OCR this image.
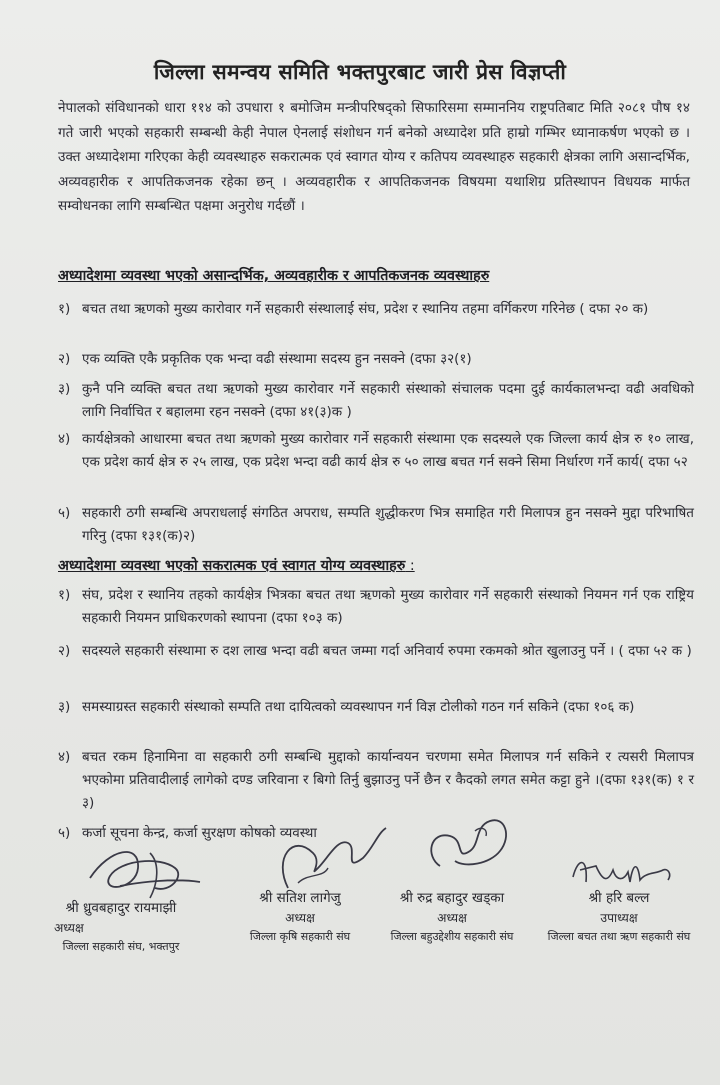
जिल्ला समन्वय समिति भक्तपुरबाट जारी प्रेस विज्ञप्ती
नेपालको संविधानको धारा ११४ को उपधारा १ बमोजिम मन्त्रीपरिषद्को सिफारिसमा सम्माननिय राष्ट्रपतिबाट मिति २०८१ पौष १४ गते जारी भएको सहकारी सम्बन्धी केही नेपाल ऐनलाई संशोधन गर्न बनेको अध्यादेश प्रति हाम्रो गम्भिर ध्यानाकर्षण भएको छ । उक्त अध्यादेशमा गरिएका केही व्यवस्थाहरु सकरात्मक एवं स्वागत योग्य र कतिपय व्यवस्थाहरु सहकारी क्षेत्रका लागि असान्दर्भिक, अव्यवहारीक र आपतिकजनक रहेका छन् । अव्यवहारीक र आपतिकजनक विषयमा यथाशिग्र प्रतिस्थापन विधयक मार्फत सम्वोधनका लागि सम्बन्धित पक्षमा अनुरोध गर्दछौं ।
अध्यादेशमा व्यवस्था भएको असान्दर्भिक, अव्यवहारीक र आपतिकजनक व्यवस्थाहरु
१) बचत तथा ऋणको मुख्य कारोवार गर्ने सहकारी संस्थालाई संघ, प्रदेश र स्थानिय तहमा वर्गिकरण गरिनेछ ( दफा २० क)
२) एक व्यक्ति एकै प्रकृतिक एक भन्दा वढी संस्थामा सदस्य हुन नसक्ने (दफा ३२(१)
३) कुनै पनि व्यक्ति बचत तथा ऋणको मुख्य कारोवार गर्ने सहकारी संस्थाको संचालक पदमा दुई कार्यकालभन्दा वढी अवधिको लागि निर्वाचित र बहालमा रहन नसक्ने (दफा ४१(३)क )
४) कार्यक्षेत्रको आधारमा बचत तथा ऋणको मुख्य कारोवार गर्ने सहकारी संस्थामा एक सदस्यले एक जिल्ला कार्य क्षेत्र रु १० लाख, एक प्रदेश कार्य क्षेत्र रु २५ लाख, एक प्रदेश भन्दा वढी कार्य क्षेत्र रु ५० लाख बचत गर्न सक्ने सिमा निर्धारण गर्ने कार्य( दफा ५२
५) सहकारी ठगी सम्बन्धि अपराधलाई संगठित अपराध, सम्पति शुद्धीकरण भित्र समाहित गरी मिलापत्र हुन नसक्ने मुद्दा परिभाषित गरिनु (दफा १३१(क)२)
अध्यादेशमा व्यवस्था भएको सकरात्मक एवं स्वागत योग्य व्यवस्थाहरु :
१) संघ, प्रदेश र स्थानिय तहको कार्यक्षेत्र भित्रका बचत तथा ऋणको मुख्य कारोवार गर्ने सहकारी संस्थाको नियमन गर्न एक राष्ट्रिय सहकारी नियमन प्राधिकरणको स्थापना (दफा १०३ क)
२) सदस्यले सहकारी संस्थामा रु दश लाख भन्दा वढी बचत जम्मा गर्दा अनिवार्य रुपमा रकमको श्रोत खुलाउनु पर्ने । ( दफा ५२ क )
३) समस्याग्रस्त सहकारी संस्थाको सम्पति तथा दायित्वको व्यवस्थापन गर्न विज्ञ टोलीको गठन गर्न सकिने (दफा १०६ क)
४) बचत रकम हिनामिना वा सहकारी ठगी सम्बन्धि मुद्दाको कार्यान्वयन चरणमा समेत मिलापत्र गर्न सकिने र त्यसरी मिलापत्र भएकोमा प्रतिवादीलाई लागेको दण्ड जरिवाना र बिगो तिर्नु बुझाउनु पर्ने छैन र कैदको लगत समेत कट्टा हुने ।(दफा १३१(क) १ र ३)
५) कर्जा सूचना केन्द्र, कर्जा सुरक्षण कोषको व्यवस्था
श्री ध्रुवबहादुर रायमाझी
अध्यक्ष
जिल्ला सहकारी संघ, भक्तपुर
श्री सतिश लागेजु
अध्यक्ष
जिल्ला कृषि सहकारी संघ
श्री रुद्र बहादुर खड्का
अध्यक्ष
जिल्ला बहुउद्देशीय सहकारी संघ
श्री हरि बल्ल
उपाध्यक्ष
जिल्ला बचत तथा ऋण सहकारी संघ
